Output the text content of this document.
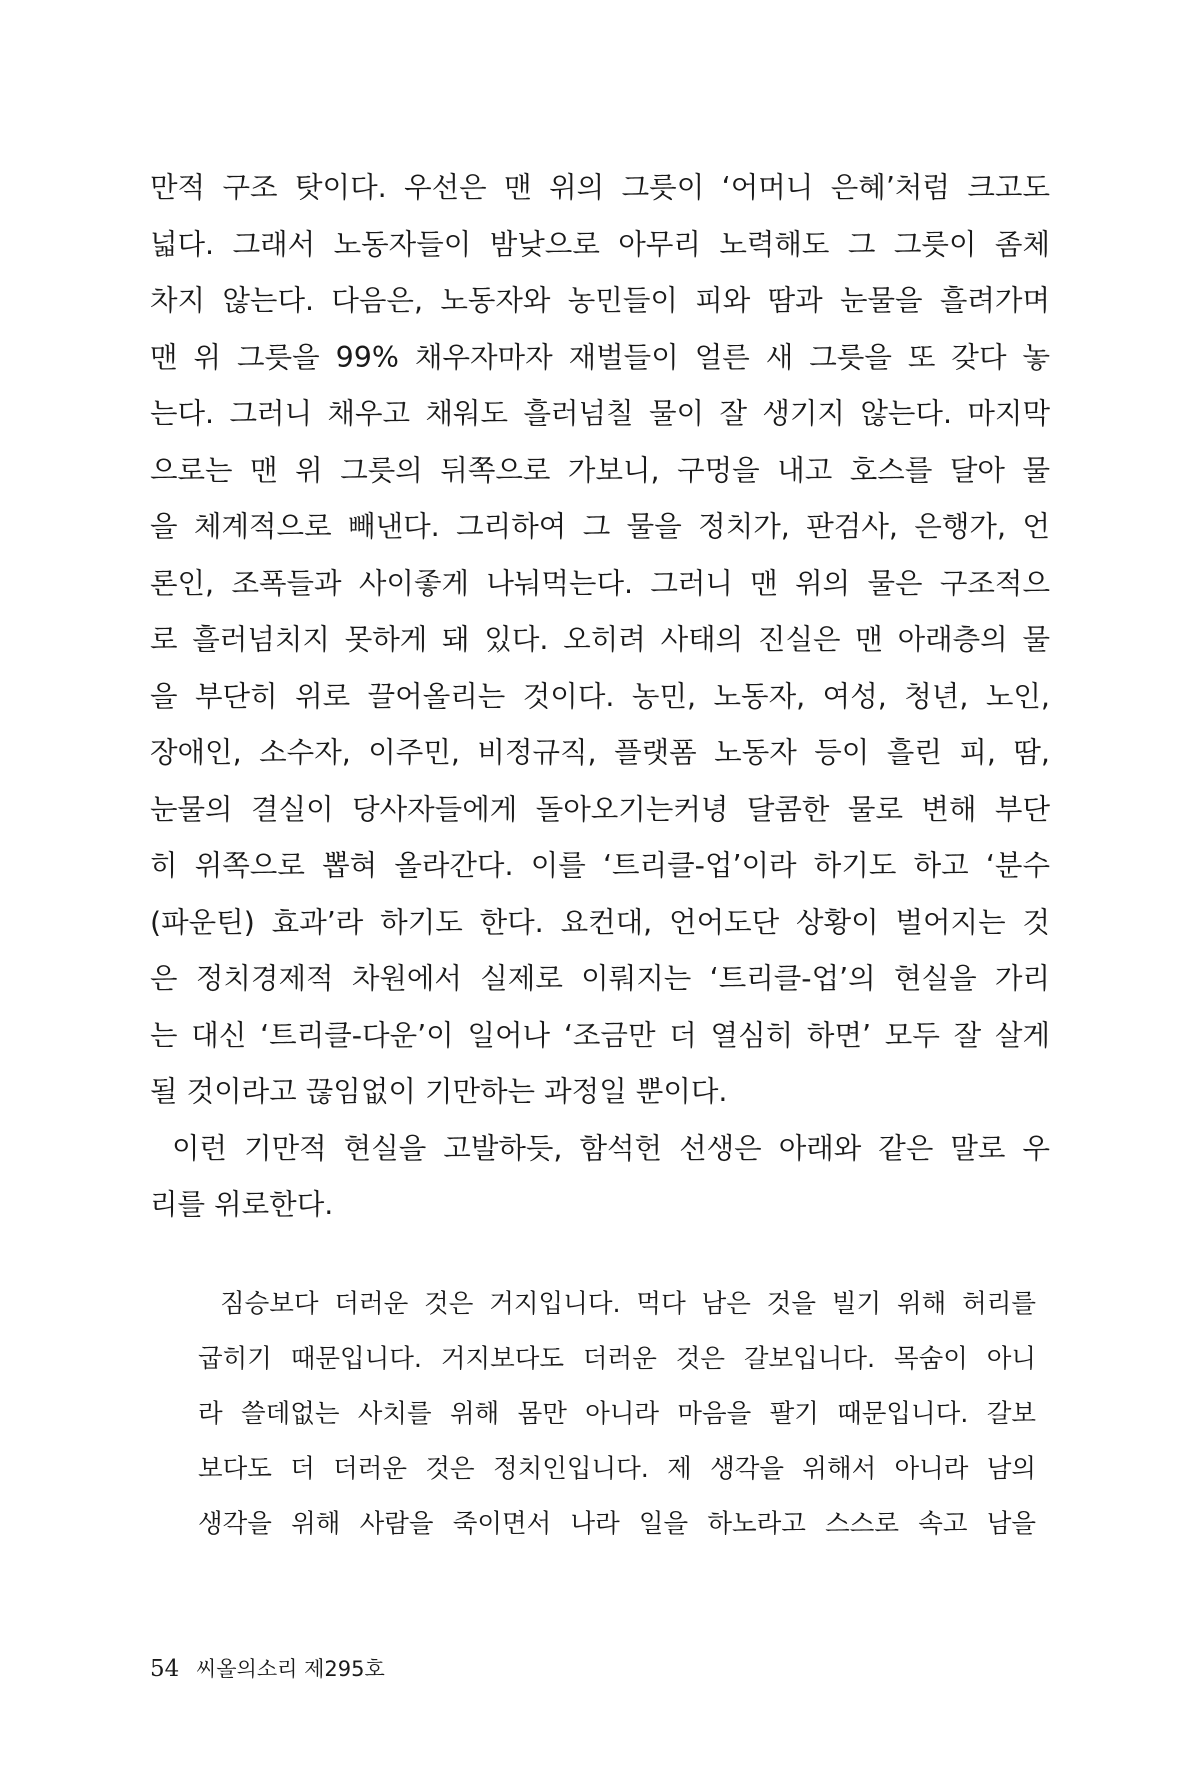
만적 구조 탓이다. 우선은 맨 위의 그릇이 ‘어머니 은혜’처럼 크고도
넓다. 그래서 노동자들이 밤낮으로 아무리 노력해도 그 그릇이 좀체
차지 않는다. 다음은, 노동자와 농민들이 피와 땀과 눈물을 흘려가며
맨 위 그릇을 99% 채우자마자 재벌들이 얼른 새 그릇을 또 갖다 놓
는다. 그러니 채우고 채워도 흘러넘칠 물이 잘 생기지 않는다. 마지막
으로는 맨 위 그릇의 뒤쪽으로 가보니, 구멍을 내고 호스를 달아 물
을 체계적으로 빼낸다. 그리하여 그 물을 정치가, 판검사, 은행가, 언
론인, 조폭들과 사이좋게 나눠먹는다. 그러니 맨 위의 물은 구조적으
로 흘러넘치지 못하게 돼 있다. 오히려 사태의 진실은 맨 아래층의 물
을 부단히 위로 끌어올리는 것이다. 농민, 노동자, 여성, 청년, 노인,
장애인, 소수자, 이주민, 비정규직, 플랫폼 노동자 등이 흘린 피, 땀,
눈물의 결실이 당사자들에게 돌아오기는커녕 달콤한 물로 변해 부단
히 위쪽으로 뽑혀 올라간다. 이를 ‘트리클-업’이라 하기도 하고 ‘분수
(파운틴) 효과’라 하기도 한다. 요컨대, 언어도단 상황이 벌어지는 것
은 정치경제적 차원에서 실제로 이뤄지는 ‘트리클-업’의 현실을 가리
는 대신 ‘트리클-다운’이 일어나 ‘조금만 더 열심히 하면’ 모두 잘 살게
될 것이라고 끊임없이 기만하는 과정일 뿐이다.
이런 기만적 현실을 고발하듯, 함석헌 선생은 아래와 같은 말로 우
리를 위로한다.
짐승보다 더러운 것은 거지입니다. 먹다 남은 것을 빌기 위해 허리를
굽히기 때문입니다. 거지보다도 더러운 것은 갈보입니다. 목숨이 아니
라 쓸데없는 사치를 위해 몸만 아니라 마음을 팔기 때문입니다. 갈보
보다도 더 더러운 것은 정치인입니다. 제 생각을 위해서 아니라 남의
생각을 위해 사람을 죽이면서 나라 일을 하노라고 스스로 속고 남을
54 씨올의소리 제295호
